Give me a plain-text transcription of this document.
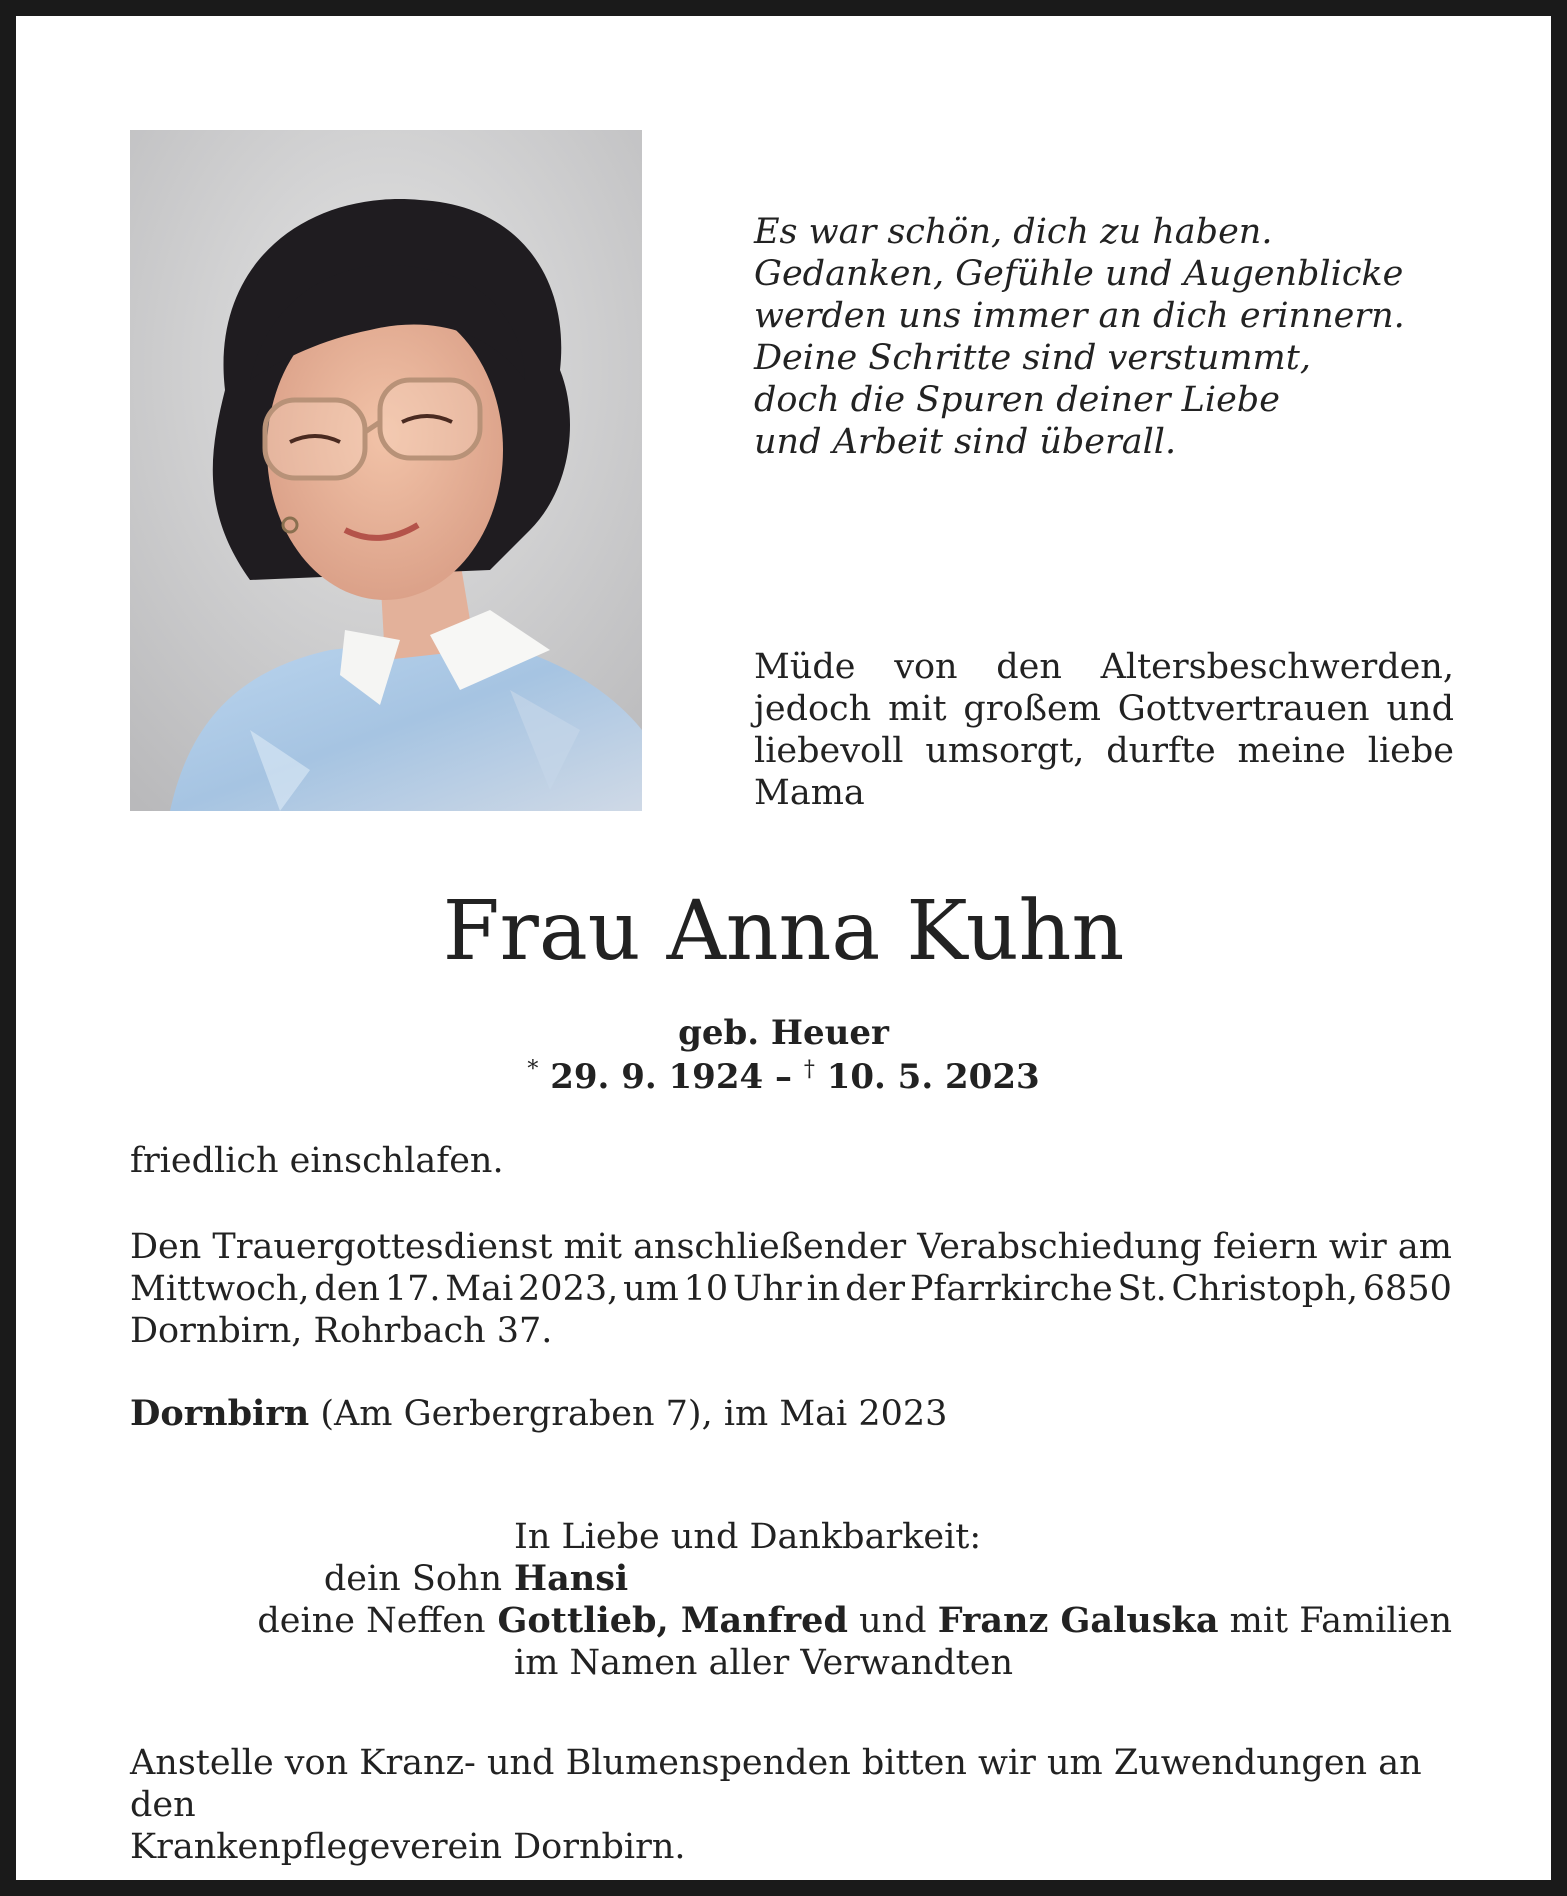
Es war schön, dich zu haben.
Gedanken, Gefühle und Augenblicke
werden uns immer an dich erinnern.
Deine Schritte sind verstummt,
doch die Spuren deiner Liebe
und Arbeit sind überall.
Müde von den Altersbeschwerden,
jedoch mit großem Gottvertrauen und
liebevoll umsorgt, durfte meine liebe
Mama
Frau Anna Kuhn
geb. Heuer
* 29. 9. 1924 – † 10. 5. 2023
friedlich einschlafen.
Den Trauergottesdienst mit anschließender Verabschiedung feiern wir am
Mittwoch, den 17. Mai 2023, um 10 Uhr in der Pfarrkirche St. Christoph, 6850
Dornbirn, Rohrbach 37.
Dornbirn (Am Gerbergraben 7), im Mai 2023
In Liebe und Dankbarkeit:
dein Sohn Hansi
deine Neffen Gottlieb, Manfred und Franz Galuska mit Familien
im Namen aller Verwandten
Anstelle von Kranz- und Blumenspenden bitten wir um Zuwendungen an den
Krankenpflegeverein Dornbirn.
